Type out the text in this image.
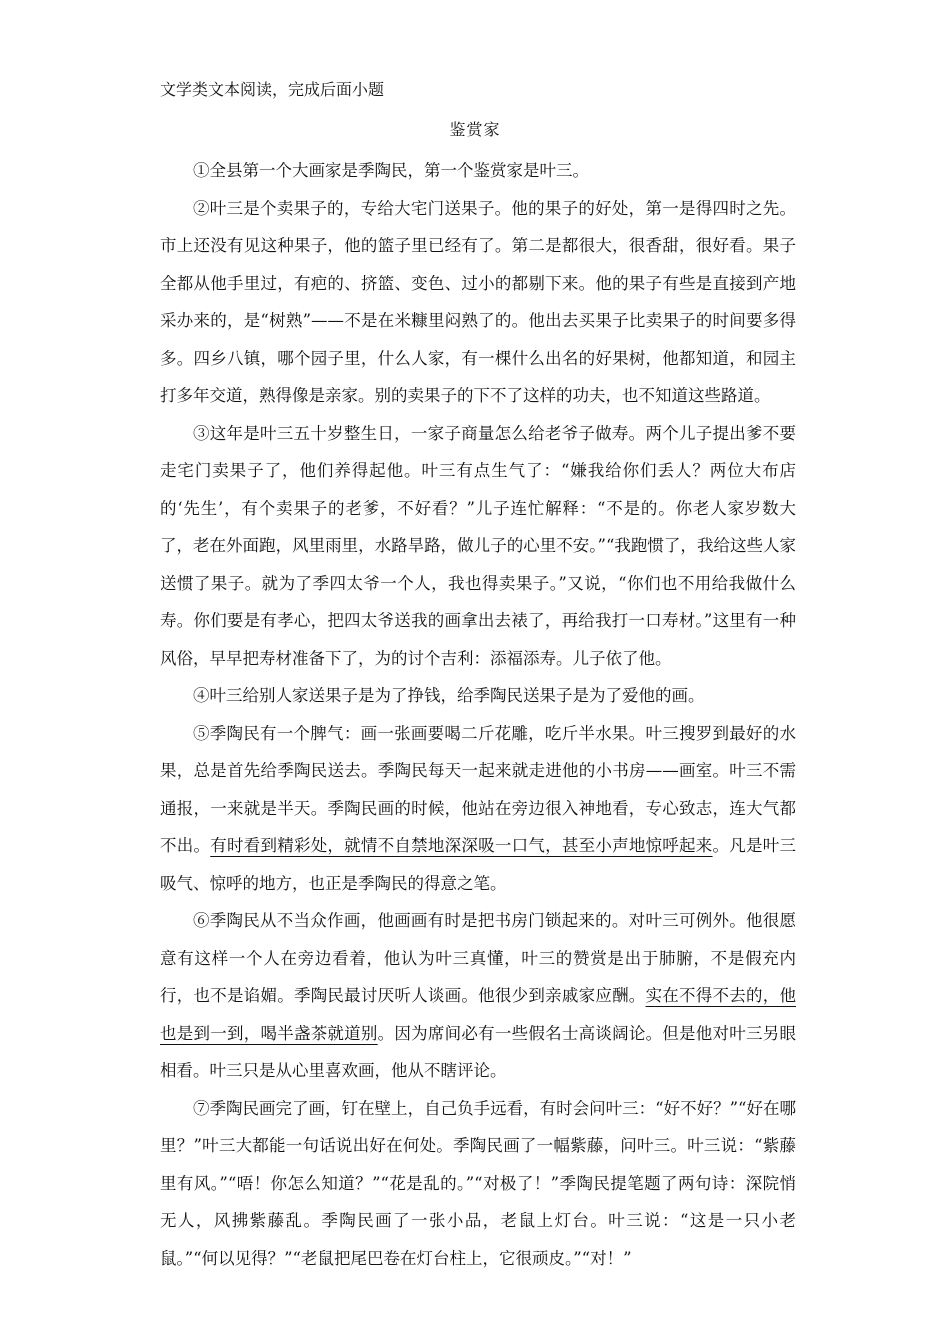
文学类文本阅读，完成后面小题
鉴赏家

①全县第一个大画家是季陶民，第一个鉴赏家是叶三。

②叶三是个卖果子的，专给大宅门送果子。他的果子的好处，第一是得四时之先。市上还没有见这种果子，他的篮子里已经有了。第二是都很大，很香甜，很好看。果子全都从他手里过，有疤的、挤篮、变色、过小的都剔下来。他的果子有些是直接到产地采办来的，是“树熟”——不是在米糠里闷熟了的。他出去买果子比卖果子的时间要多得多。四乡八镇，哪个园子里，什么人家，有一棵什么出名的好果树，他都知道，和园主打多年交道，熟得像是亲家。别的卖果子的下不了这样的功夫，也不知道这些路道。

③这年是叶三五十岁整生日，一家子商量怎么给老爷子做寿。两个儿子提出爹不要走宅门卖果子了，他们养得起他。叶三有点生气了：“嫌我给你们丢人？两位大布店的‘先生’，有个卖果子的老爹，不好看？”儿子连忙解释：“不是的。你老人家岁数大了，老在外面跑，风里雨里，水路旱路，做儿子的心里不安。”“我跑惯了，我给这些人家送惯了果子。就为了季四太爷一个人，我也得卖果子。”又说，“你们也不用给我做什么寿。你们要是有孝心，把四太爷送我的画拿出去裱了，再给我打一口寿材。”这里有一种风俗，早早把寿材准备下了，为的讨个吉利：添福添寿。儿子依了他。

④叶三给别人家送果子是为了挣钱，给季陶民送果子是为了爱他的画。

⑤季陶民有一个脾气：画一张画要喝二斤花雕，吃斤半水果。叶三搜罗到最好的水果，总是首先给季陶民送去。季陶民每天一起来就走进他的小书房——画室。叶三不需通报，一来就是半天。季陶民画的时候，他站在旁边很入神地看，专心致志，连大气都不出。有时看到精彩处，就情不自禁地深深吸一口气，甚至小声地惊呼起来。凡是叶三吸气、惊呼的地方，也正是季陶民的得意之笔。

⑥季陶民从不当众作画，他画画有时是把书房门锁起来的。对叶三可例外。他很愿意有这样一个人在旁边看着，他认为叶三真懂，叶三的赞赏是出于肺腑，不是假充内行，也不是谄媚。季陶民最讨厌听人谈画。他很少到亲戚家应酬。实在不得不去的，他也是到一到，喝半盏茶就道别。因为席间必有一些假名士高谈阔论。但是他对叶三另眼相看。叶三只是从心里喜欢画，他从不瞎评论。

⑦季陶民画完了画，钉在壁上，自己负手远看，有时会问叶三：“好不好？”“好在哪里？”叶三大都能一句话说出好在何处。季陶民画了一幅紫藤，问叶三。叶三说：“紫藤里有风。”“唔！你怎么知道？”“花是乱的。”“对极了！”季陶民提笔题了两句诗：深院悄无人，风拂紫藤乱。季陶民画了一张小品，老鼠上灯台。叶三说：“这是一只小老鼠。”“何以见得？”“老鼠把尾巴卷在灯台柱上，它很顽皮。”“对！”
